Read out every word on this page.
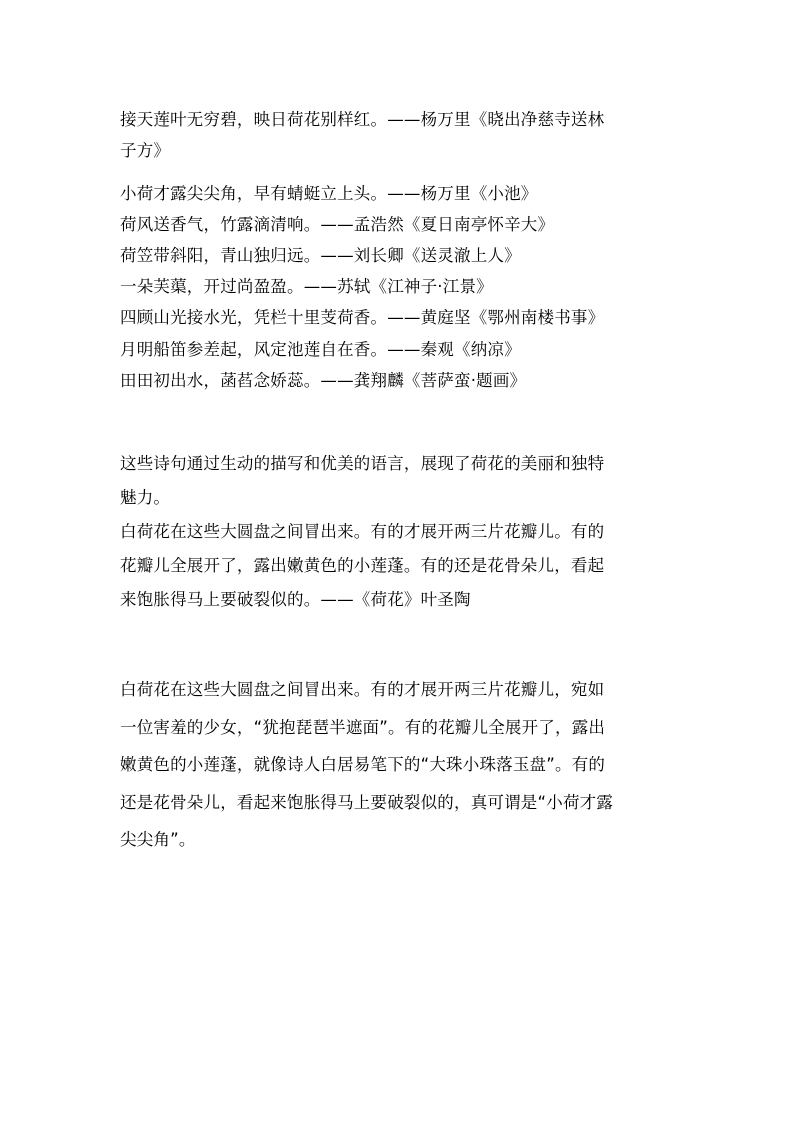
接天莲叶无穷碧，映日荷花别样红。——杨万里《晓出净慈寺送林
子方》
小荷才露尖尖角，早有蜻蜓立上头。——杨万里《小池》
荷风送香气，竹露滴清响。——孟浩然《夏日南亭怀辛大》
荷笠带斜阳，青山独归远。——刘长卿《送灵澈上人》
一朵芙蕖，开过尚盈盈。——苏轼《江神子·江景》
四顾山光接水光，凭栏十里芰荷香。——黄庭坚《鄂州南楼书事》
月明船笛参差起，风定池莲自在香。——秦观《纳凉》
田田初出水，菡萏念娇蕊。——龚翔麟《菩萨蛮·题画》
这些诗句通过生动的描写和优美的语言，展现了荷花的美丽和独特
魅力。
白荷花在这些大圆盘之间冒出来。有的才展开两三片花瓣儿。有的
花瓣儿全展开了，露出嫩黄色的小莲蓬。有的还是花骨朵儿，看起
来饱胀得马上要破裂似的。——《荷花》叶圣陶
白荷花在这些大圆盘之间冒出来。有的才展开两三片花瓣儿，宛如
一位害羞的少女，“犹抱琵琶半遮面”。有的花瓣儿全展开了，露出
嫩黄色的小莲蓬，就像诗人白居易笔下的“大珠小珠落玉盘”。有的
还是花骨朵儿，看起来饱胀得马上要破裂似的，真可谓是“小荷才露
尖尖角”。
